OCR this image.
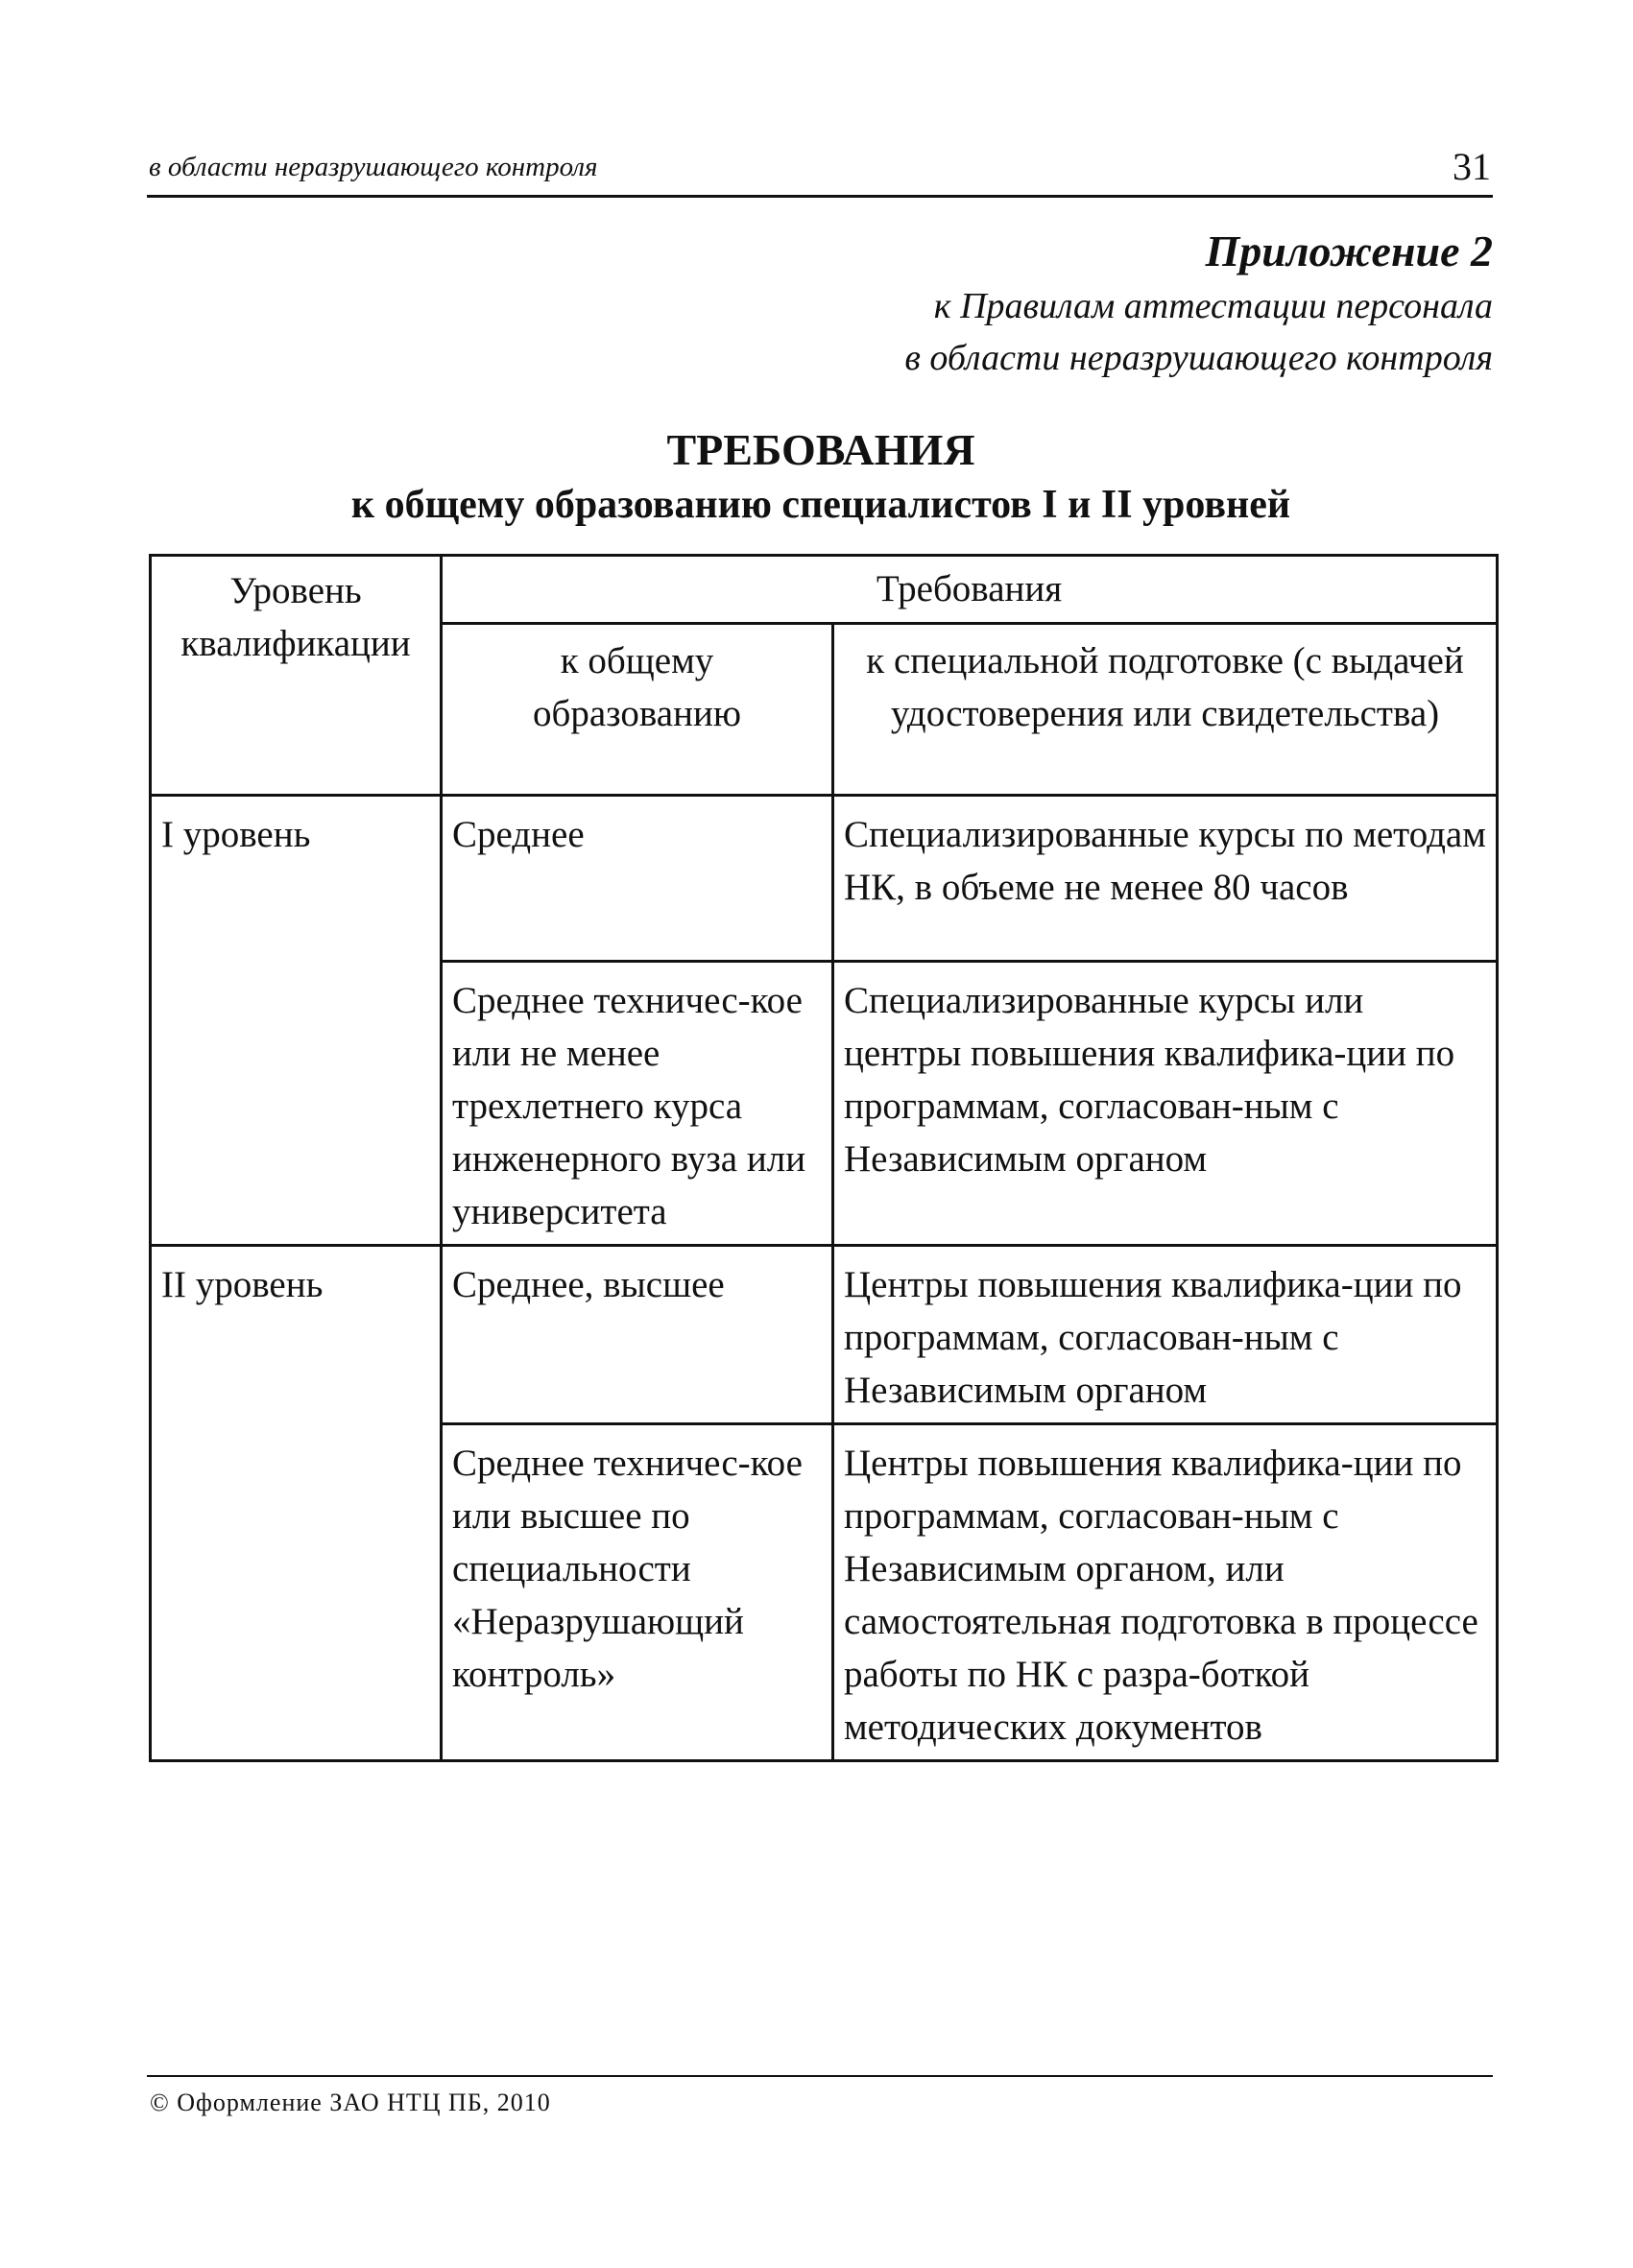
в области неразрушающего контроля	31
Приложение 2
к Правилам аттестации персонала
в области неразрушающего контроля
ТРЕБОВАНИЯ
к общему образованию специалистов I и II уровней
Уровень квалификации	Требования	
	к общему образованию	к специальной подготовке (с выдачей удостоверения или свидетельства)
I уровень	Среднее	Специализированные курсы по методам НК, в объеме не менее 80 часов
	Среднее техничес-кое или не менее трехлетнего курса инженерного вуза или университета	Специализированные курсы или центры повышения квалифика-ции по программам, согласован-ным с Независимым органом
II уровень	Среднее, высшее	Центры повышения квалифика-ции по программам, согласован-ным с Независимым органом
	Среднее техничес-кое или высшее по специальности «Неразрушающий контроль»	Центры повышения квалифика-ции по программам, согласован-ным с Независимым органом, или самостоятельная подготовка в процессе работы по НК с разра-боткой методических документов
© Оформление ЗАО НТЦ ПБ, 2010
